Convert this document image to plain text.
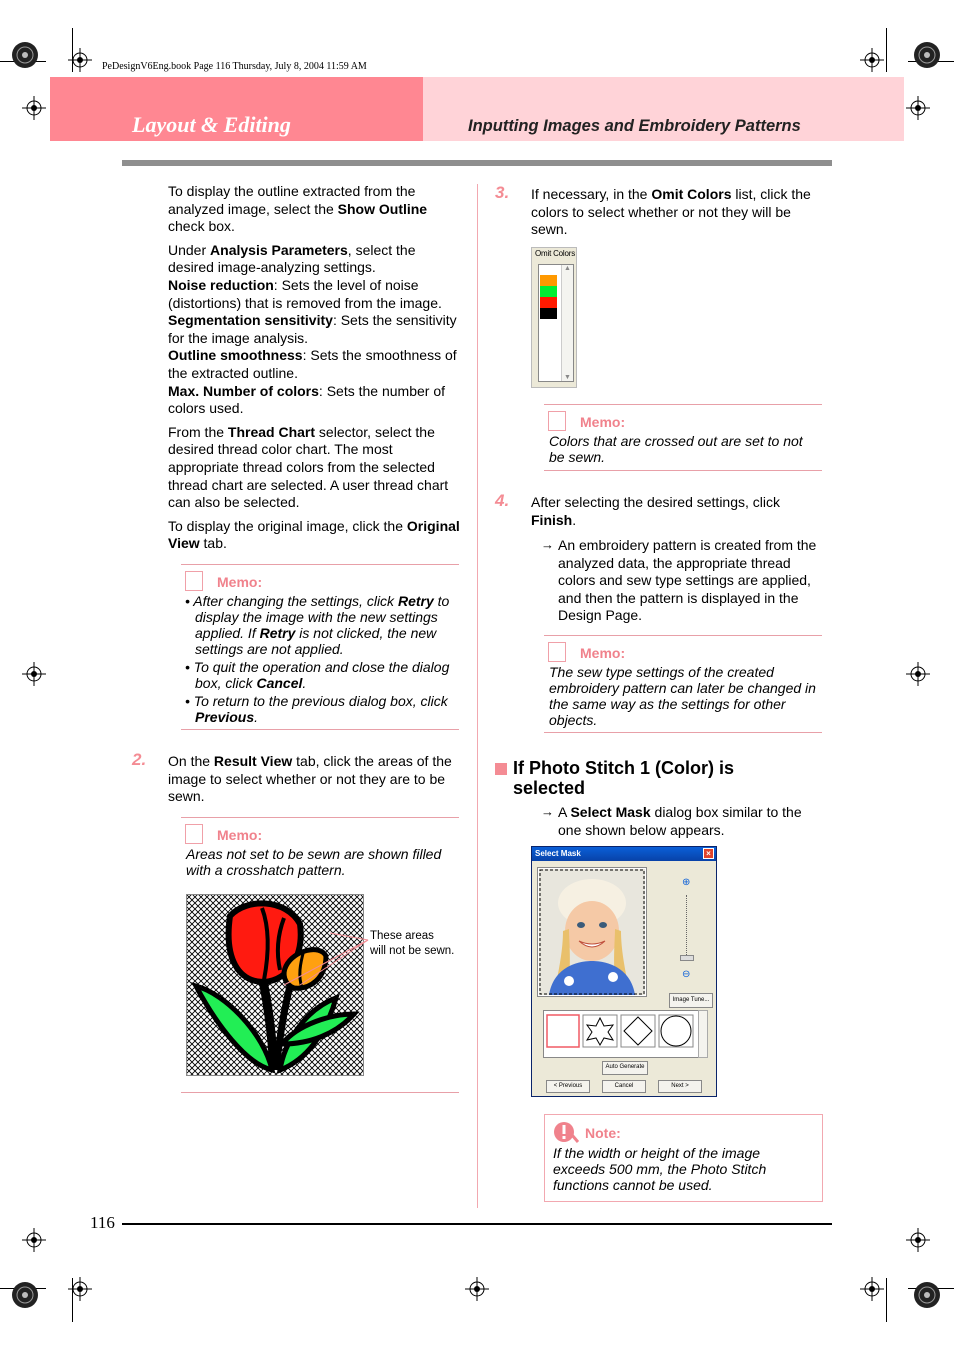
PeDesignV6Eng.book Page 116 Thursday, July 8, 2004 11:59 AM
Layout & Editing	Inputting Images and Embroidery Patterns

To display the outline extracted from the analyzed image, select the Show Outline check box.

Under Analysis Parameters, select the desired image-analyzing settings.
Noise reduction: Sets the level of noise (distortions) that is removed from the image.
Segmentation sensitivity: Sets the sensitivity for the image analysis.
Outline smoothness: Sets the smoothness of the extracted outline.
Max. Number of colors: Sets the number of colors used.

From the Thread Chart selector, select the desired thread color chart. The most appropriate thread colors from the selected thread chart are selected. A user thread chart can also be selected.

To display the original image, click the Original View tab.

Memo:

• After changing the settings, click Retry to display the image with the new settings applied. If Retry is not clicked, the new settings are not applied.

• To quit the operation and close the dialog box, click Cancel.

• To return to the previous dialog box, click Previous.

2. On the Result View tab, click the areas of the image to select whether or not they are to be sewn.

Memo:

Areas not set to be sewn are shown filled with a crosshatch pattern.

These areas
will not be sewn.
3. If necessary, in the Omit Colors list, click the colors to select whether or not they will be sewn.

Omit Colors
▲
▼

Memo:

Colors that are crossed out are set to not be sewn.

4. After selecting the desired settings, click Finish.

→ An embroidery pattern is created from the analyzed data, the appropriate thread colors and sew type settings are applied, and then the pattern is displayed in the Design Page.

Memo:

The sew type settings of the created embroidery pattern can later be changed in the same way as the settings for other objects.

If Photo Stitch 1 (Color) is selected
→ A Select Mask dialog box similar to the one shown below appears.

Select Mask	×
⊕
⊖
Image Tune...
Auto Generate
< Previous	Cancel	Next >
Note:

If the width or height of the image exceeds 500 mm, the Photo Stitch functions cannot be used.

116
